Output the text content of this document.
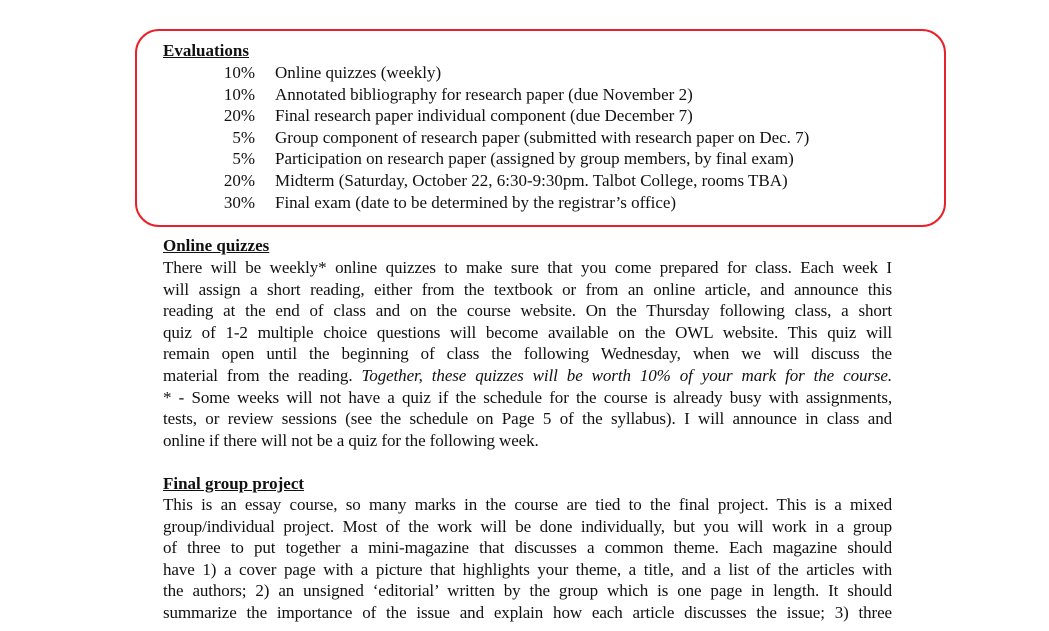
Evaluations
10% Online quizzes (weekly)
10% Annotated bibliography for research paper (due November 2)
20% Final research paper individual component (due December 7)
5% Group component of research paper (submitted with research paper on Dec. 7)
5% Participation on research paper (assigned by group members, by final exam)
20% Midterm (Saturday, October 22, 6:30-9:30pm. Talbot College, rooms TBA)
30% Final exam (date to be determined by the registrar’s office)
Online quizzes
There will be weekly* online quizzes to make sure that you come prepared for class. Each week I
will assign a short reading, either from the textbook or from an online article, and announce this
reading at the end of class and on the course website. On the Thursday following class, a short
quiz of 1-2 multiple choice questions will become available on the OWL website. This quiz will
remain open until the beginning of class the following Wednesday, when we will discuss the
material from the reading. Together, these quizzes will be worth 10% of your mark for the course.
* - Some weeks will not have a quiz if the schedule for the course is already busy with assignments,
tests, or review sessions (see the schedule on Page 5 of the syllabus). I will announce in class and
online if there will not be a quiz for the following week.
Final group project
This is an essay course, so many marks in the course are tied to the final project. This is a mixed
group/individual project. Most of the work will be done individually, but you will work in a group
of three to put together a mini-magazine that discusses a common theme. Each magazine should
have 1) a cover page with a picture that highlights your theme, a title, and a list of the articles with
the authors; 2) an unsigned ‘editorial’ written by the group which is one page in length. It should
summarize the importance of the issue and explain how each article discusses the issue; 3) three
